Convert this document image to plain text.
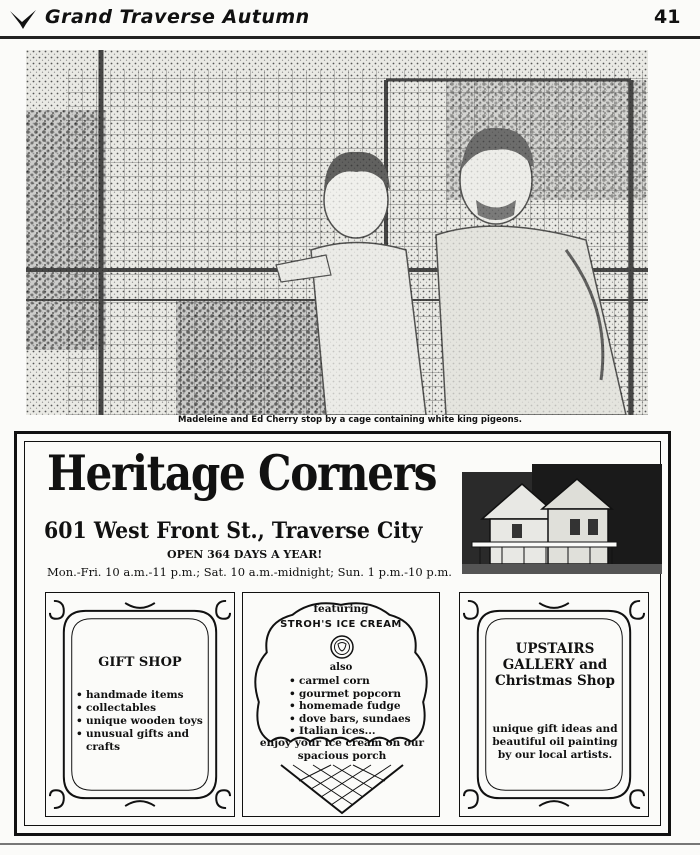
Grand Traverse Autumn	41
Madeleine and Ed Cherry stop by a cage containing white king pigeons.
Heritage Corners
601 West Front St., Traverse City
OPEN 364 DAYS A YEAR!
Mon.-Fri. 10 a.m.-11 p.m.; Sat. 10 a.m.-midnight; Sun. 1 p.m.-10 p.m.
GIFT SHOP
• handmade items
• collectables
• unique wooden toys
• unusual gifts and crafts
featuring
STROH'S ICE CREAM
also
• carmel corn
• gourmet popcorn
• homemade fudge
• dove bars, sundaes
• Italian ices...
enjoy your ice cream on our spacious porch
UPSTAIRS GALLERY and Christmas Shop
unique gift ideas and beautiful oil painting by our local artists.
